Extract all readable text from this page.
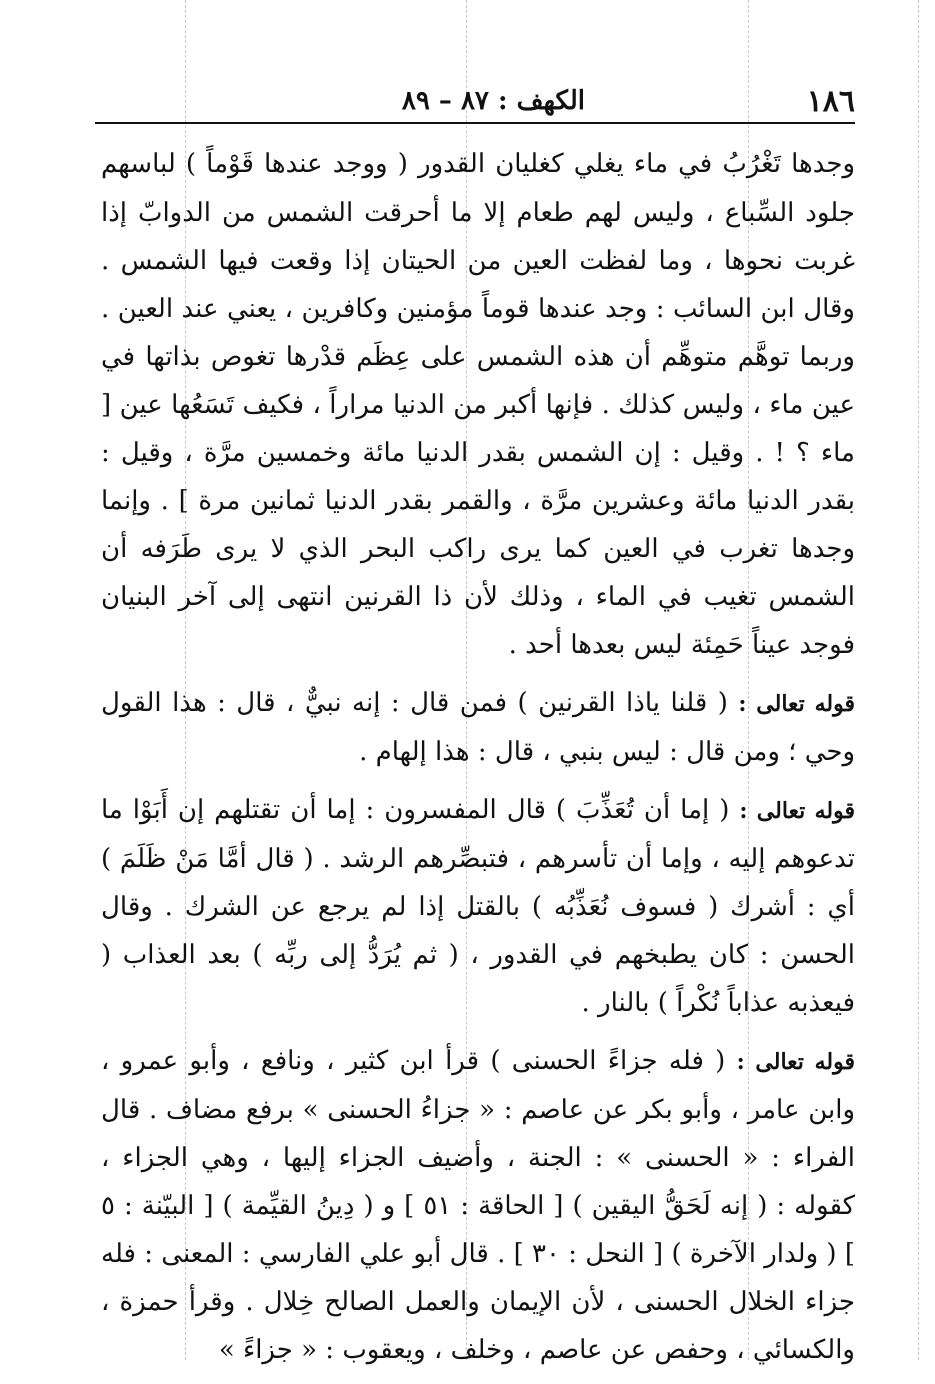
١٨٦
الكهف : ٨٧ – ٨٩

وجدها تَغْرُبُ في ماء يغلي كغليان القدور ( ووجد عندها قَوْماً ) لباسهم جلود السِّباع ، وليس لهم طعام إلا ما أحرقت الشمس من الدوابّ إذا غربت نحوها ، وما لفظت العين من الحيتان إذا وقعت فيها الشمس . وقال ابن السائب : وجد عندها قوماً مؤمنين وكافرين ، يعني عند العين . وربما توهَّم متوهِّم أن هذه الشمس على عِظَم قدْرها تغوص بذاتها في عين ماء ، وليس كذلك . فإنها أكبر من الدنيا مراراً ، فكيف تَسَعُها عين [ ماء ؟ ! . وقيل : إن الشمس بقدر الدنيا مائة وخمسين مرَّة ، وقيل : بقدر الدنيا مائة وعشرين مرَّة ، والقمر بقدر الدنيا ثمانين مرة ] . وإنما وجدها تغرب في العين كما يرى راكب البحر الذي لا يرى طَرَفه أن الشمس تغيب في الماء ، وذلك لأن ذا القرنين انتهى إلى آخر البنيان فوجد عيناً حَمِئة ليس بعدها أحد .

قوله تعالى : ( قلنا ياذا القرنين ) فمن قال : إنه نبيٌّ ، قال : هذا القول وحي ؛ ومن قال : ليس بنبي ، قال : هذا إلهام .

قوله تعالى : ( إما أن تُعَذِّبَ ) قال المفسرون : إما أن تقتلهم إن أَبَوْا ما تدعوهم إليه ، وإما أن تأسرهم ، فتبصِّرهم الرشد . ( قال أمَّا مَنْ ظَلَمَ ) أي : أشرك ( فسوف نُعَذِّبُه ) بالقتل إذا لم يرجع عن الشرك . وقال الحسن : كان يطبخهم في القدور ، ( ثم يُرَدُّ إلى ربِّه ) بعد العذاب ( فيعذبه عذاباً نُكْراً ) بالنار .

قوله تعالى : ( فله جزاءً الحسنى ) قرأ ابن كثير ، ونافع ، وأبو عمرو ، وابن عامر ، وأبو بكر عن عاصم : « جزاءُ الحسنى » برفع مضاف . قال الفراء : « الحسنى » : الجنة ، وأضيف الجزاء إليها ، وهي الجزاء ، كقوله : ( إنه لَحَقُّ اليقين ) [ الحاقة : ٥١ ] و ( دِينُ القيِّمة ) [ البيّنة : ٥ ] ( ولدار الآخرة ) [ النحل : ٣٠ ] . قال أبو علي الفارسي : المعنى : فله جزاء الخلال الحسنى ، لأن الإيمان والعمل الصالح خِلال . وقرأ حمزة ، والكسائي ، وحفص عن عاصم ، وخلف ، ويعقوب : « جزاءً »
